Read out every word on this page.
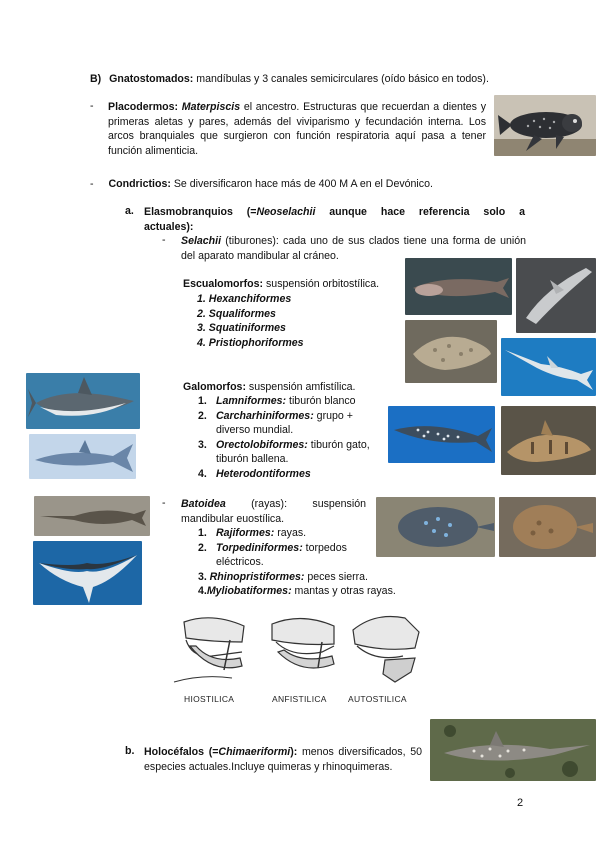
B) Gnatostomados: mandíbulas y 3 canales semicirculares (oído básico en todos).
-	Placodermos: Materpiscis el ancestro. Estructuras que recuerdan a dientes y primeras aletas y pares, además del viviparismo y fecundación interna. Los arcos branquiales que surgieron con función respiratoria aquí pasa a tener función alimenticia.
- Condrictios: Se diversificaron hace más de 400 M A en el Devónico.
a. Elasmobranquios (=Neoselachii aunque hace referencia solo a actuales):
- Selachii (tiburones): cada uno de sus clados tiene una forma de unión del aparato mandibular al cráneo.
Escualomorfos: suspensión orbitostílica.
1. Hexanchiformes
2. Squaliformes
3. Squatiniformes
4. Pristiophoriformes
Galomorfos: suspensión amfistílica.
1. Lamniformes: tiburón blanco
2. Carcharhiniformes: grupo + diverso mundial.
3. Orectolobiformes: tiburón gato, tiburón ballena.
4. Heterodontiformes
- Batoidea (rayas): suspensión mandibular euostílica.
1. Rajiformes: rayas.
2. Torpediniformes: torpedos eléctricos.
3. Rhinopristiformes: peces sierra.
4. Myliobatiformes: mantas y otras rayas.
HIOSTILICA	ANFISTILICA AUTOSTILICA
b. Holocéfalos (=Chimaeriformi): menos diversificados, 50 especies actuales.Incluye quimeras y rhinoquimeras.
2
